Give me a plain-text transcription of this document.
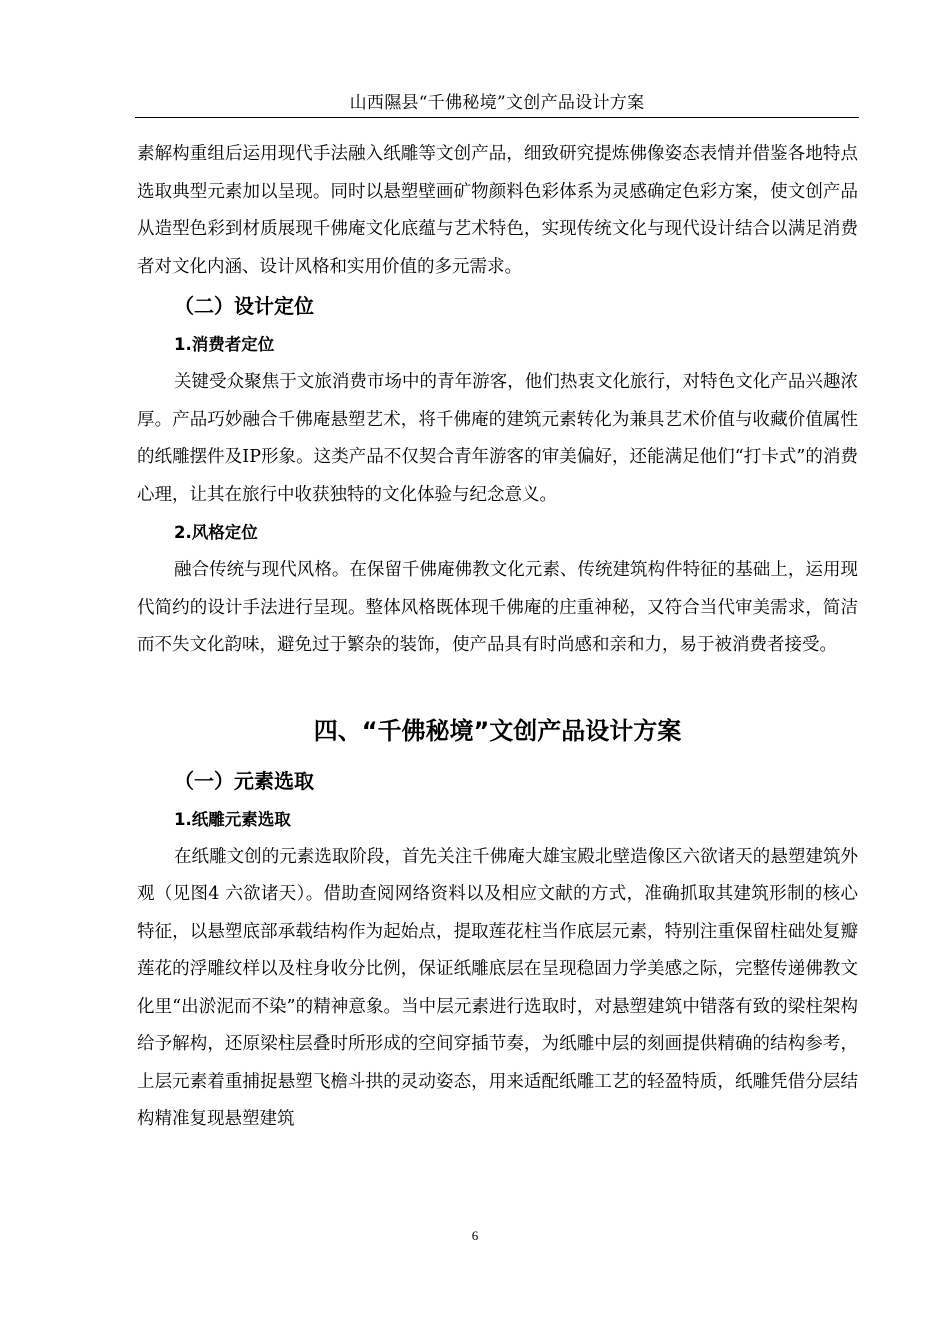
山西隰县“千佛秘境”文创产品设计方案

素解构重组后运用现代手法融入纸雕等文创产品，细致研究提炼佛像姿态表情并借鉴各地特点选取典型元素加以呈现。同时以悬塑壁画矿物颜料色彩体系为灵感确定色彩方案，使文创产品从造型色彩到材质展现千佛庵文化底蕴与艺术特色，实现传统文化与现代设计结合以满足消费者对文化内涵、设计风格和实用价值的多元需求。

（二）设计定位
1.消费者定位

关键受众聚焦于文旅消费市场中的青年游客，他们热衷文化旅行，对特色文化产品兴趣浓厚。产品巧妙融合千佛庵悬塑艺术，将千佛庵的建筑元素转化为兼具艺术价值与收藏价值属性的纸雕摆件及IP形象。这类产品不仅契合青年游客的审美偏好，还能满足他们“打卡式”的消费心理，让其在旅行中收获独特的文化体验与纪念意义。

2.风格定位

融合传统与现代风格。在保留千佛庵佛教文化元素、传统建筑构件特征的基础上，运用现代简约的设计手法进行呈现。整体风格既体现千佛庵的庄重神秘，又符合当代审美需求，简洁而不失文化韵味，避免过于繁杂的装饰，使产品具有时尚感和亲和力，易于被消费者接受。

四、“千佛秘境”文创产品设计方案
（一）元素选取
1.纸雕元素选取

在纸雕文创的元素选取阶段，首先关注千佛庵大雄宝殿北壁造像区六欲诸天的悬塑建筑外观（见图4 六欲诸天）。借助查阅网络资料以及相应文献的方式，准确抓取其建筑形制的核心特征，以悬塑底部承载结构作为起始点，提取莲花柱当作底层元素，特别注重保留柱础处复瓣莲花的浮雕纹样以及柱身收分比例，保证纸雕底层在呈现稳固力学美感之际，完整传递佛教文化里“出淤泥而不染”的精神意象。当中层元素进行选取时，对悬塑建筑中错落有致的梁柱架构给予解构，还原梁柱层叠时所形成的空间穿插节奏，为纸雕中层的刻画提供精确的结构参考，上层元素着重捕捉悬塑飞檐斗拱的灵动姿态，用来适配纸雕工艺的轻盈特质，纸雕凭借分层结构精准复现悬塑建筑

6
